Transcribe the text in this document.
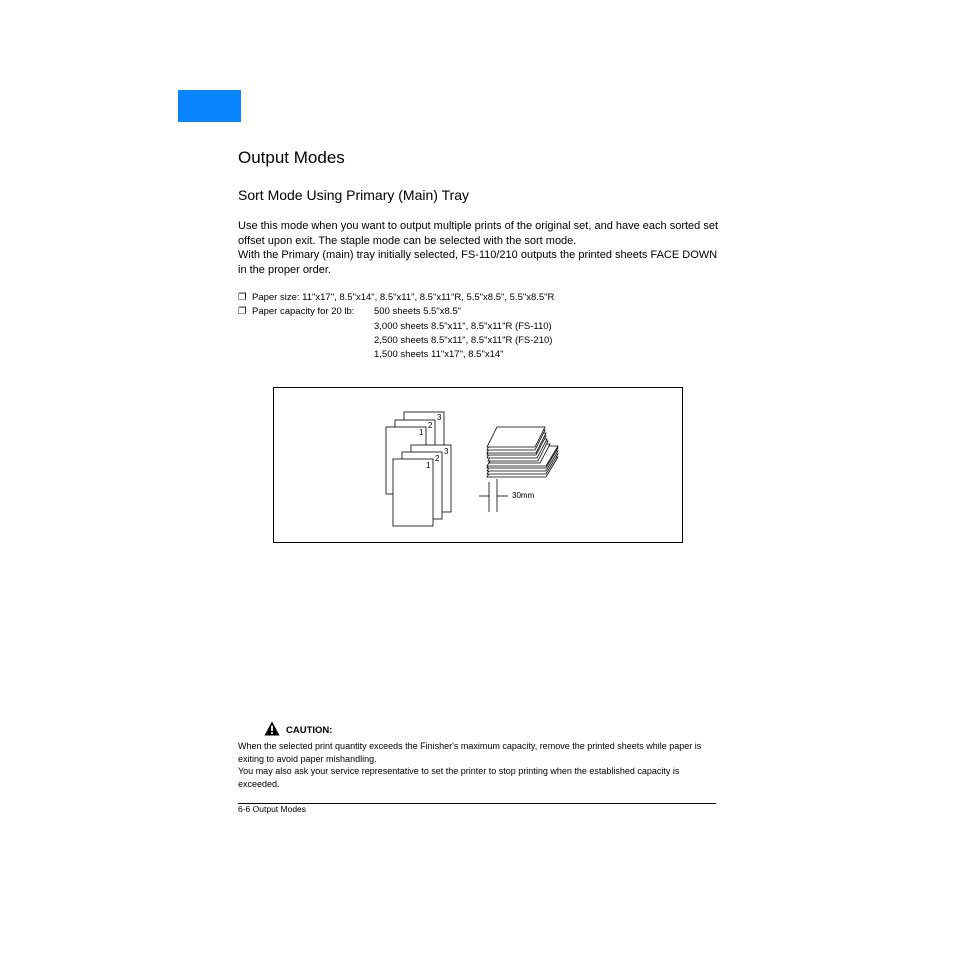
Output Modes
Sort Mode Using Primary (Main) Tray

Use this mode when you want to output multiple prints of the original set, and have each sorted set offset upon exit. The staple mode can be selected with the sort mode.

With the Primary (main) tray initially selected, FS-110/210 outputs the printed sheets FACE DOWN in the proper order.

❐ Paper size: 11"x17", 8.5"x14", 8.5"x11", 8.5"x11"R, 5.5"x8.5", 5.5"x8.5"R
❐ Paper capacity for 20 lb: 500 sheets 5.5"x8.5"
3,000 sheets 8.5"x11", 8.5"x11"R (FS-110)
2,500 sheets 8.5"x11", 8.5"x11"R (FS-210)
1,500 sheets 11"x17", 8.5"x14"
3
2
1
3
2
1
30mm
CAUTION:

When the selected print quantity exceeds the Finisher's maximum capacity, remove the printed sheets while paper is exiting to avoid paper mishandling.

You may also ask your service representative to set the printer to stop printing when the established capacity is exceeded.

6-6 Output Modes
